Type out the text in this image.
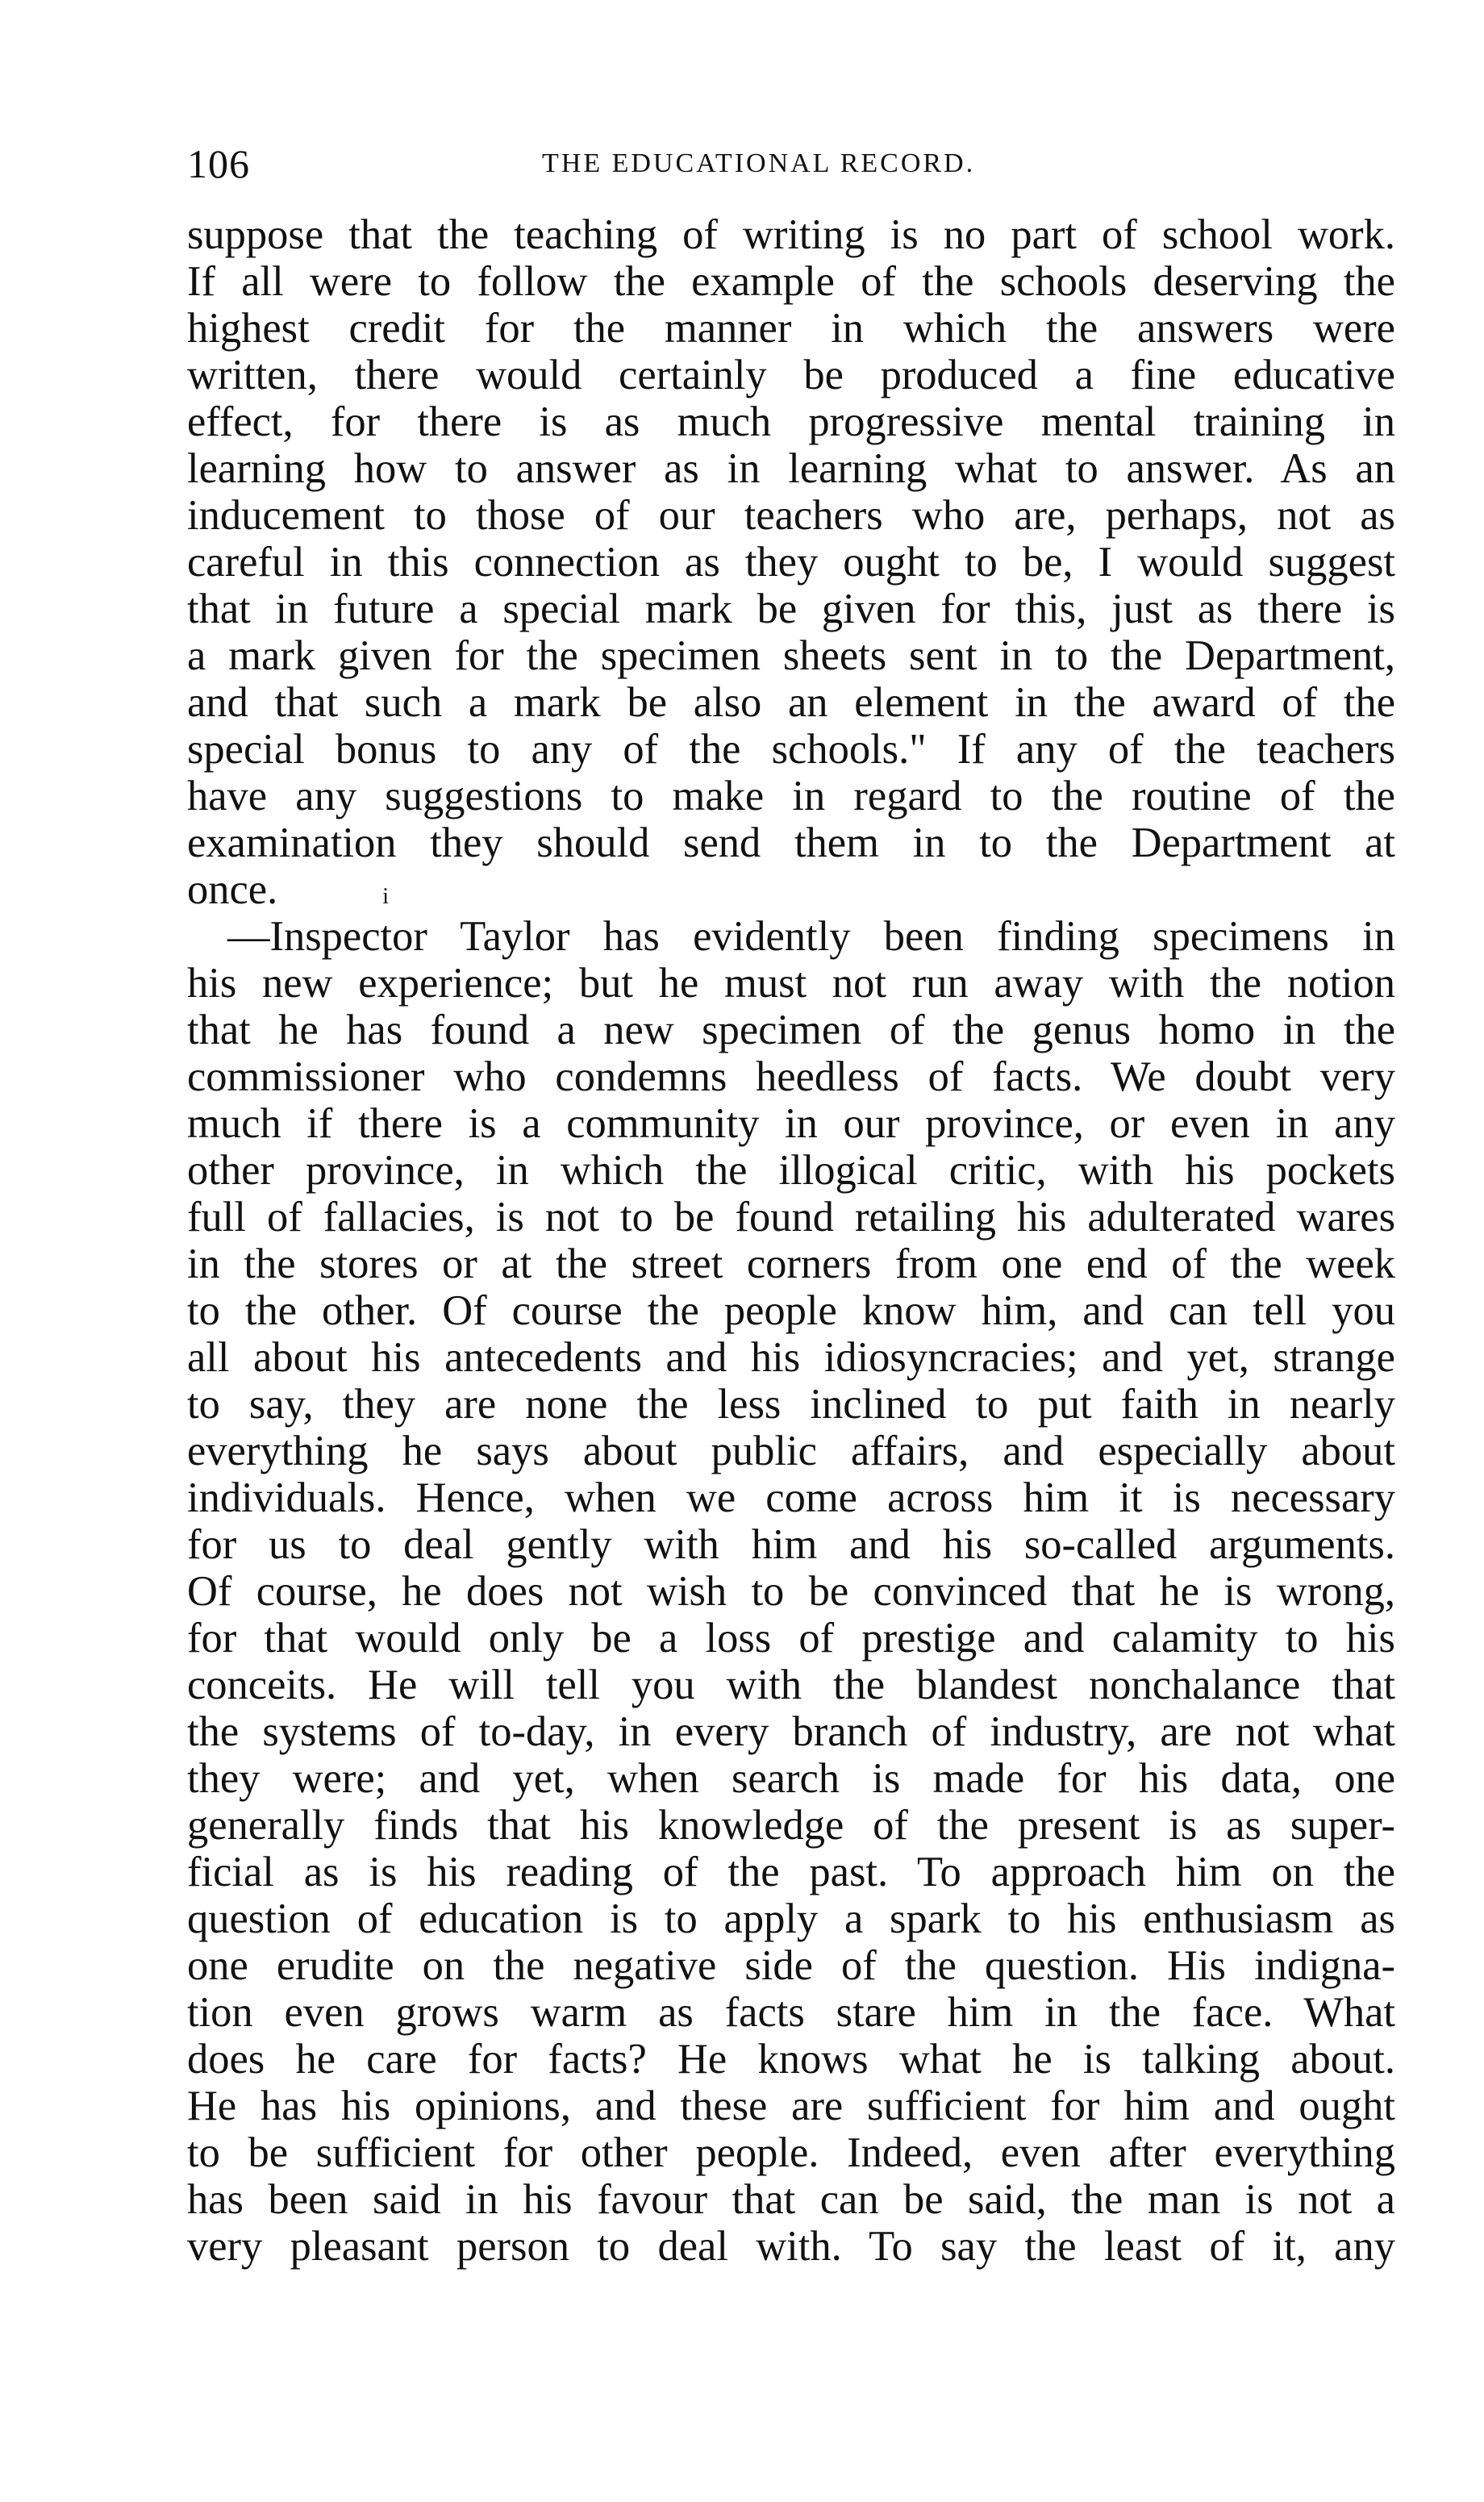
106	THE EDUCATIONAL RECORD.
suppose that the teaching of writing is no part of school work.
If all were to follow the example of the schools deserving the
highest credit for the manner in which the answers were
written, there would certainly be produced a fine educative
effect, for there is as much progressive mental training in
learning how to answer as in learning what to answer. As an
inducement to those of our teachers who are, perhaps, not as
careful in this connection as they ought to be, I would suggest
that in future a special mark be given for this, just as there is
a mark given for the specimen sheets sent in to the Department,
and that such a mark be also an element in the award of the
special bonus to any of the schools." If any of the teachers
have any suggestions to make in regard to the routine of the
examination they should send them in to the Department at
once.	i
—Inspector Taylor has evidently been finding specimens in
his new experience; but he must not run away with the notion
that he has found a new specimen of the genus homo in the
commissioner who condemns heedless of facts. We doubt very
much if there is a community in our province, or even in any
other province, in which the illogical critic, with his pockets
full of fallacies, is not to be found retailing his adulterated wares
in the stores or at the street corners from one end of the week
to the other. Of course the people know him, and can tell you
all about his antecedents and his idiosyncracies; and yet, strange
to say, they are none the less inclined to put faith in nearly
everything he says about public affairs, and especially about
individuals. Hence, when we come across him it is necessary
for us to deal gently with him and his so-called arguments.
Of course, he does not wish to be convinced that he is wrong,
for that would only be a loss of prestige and calamity to his
conceits. He will tell you with the blandest nonchalance that
the systems of to-day, in every branch of industry, are not what
they were; and yet, when search is made for his data, one
generally finds that his knowledge of the present is as super-
ficial as is his reading of the past. To approach him on the
question of education is to apply a spark to his enthusiasm as
one erudite on the negative side of the question. His indigna-
tion even grows warm as facts stare him in the face. What
does he care for facts? He knows what he is talking about.
He has his opinions, and these are sufficient for him and ought
to be sufficient for other people. Indeed, even after everything
has been said in his favour that can be said, the man is not a
very pleasant person to deal with. To say the least of it, any
